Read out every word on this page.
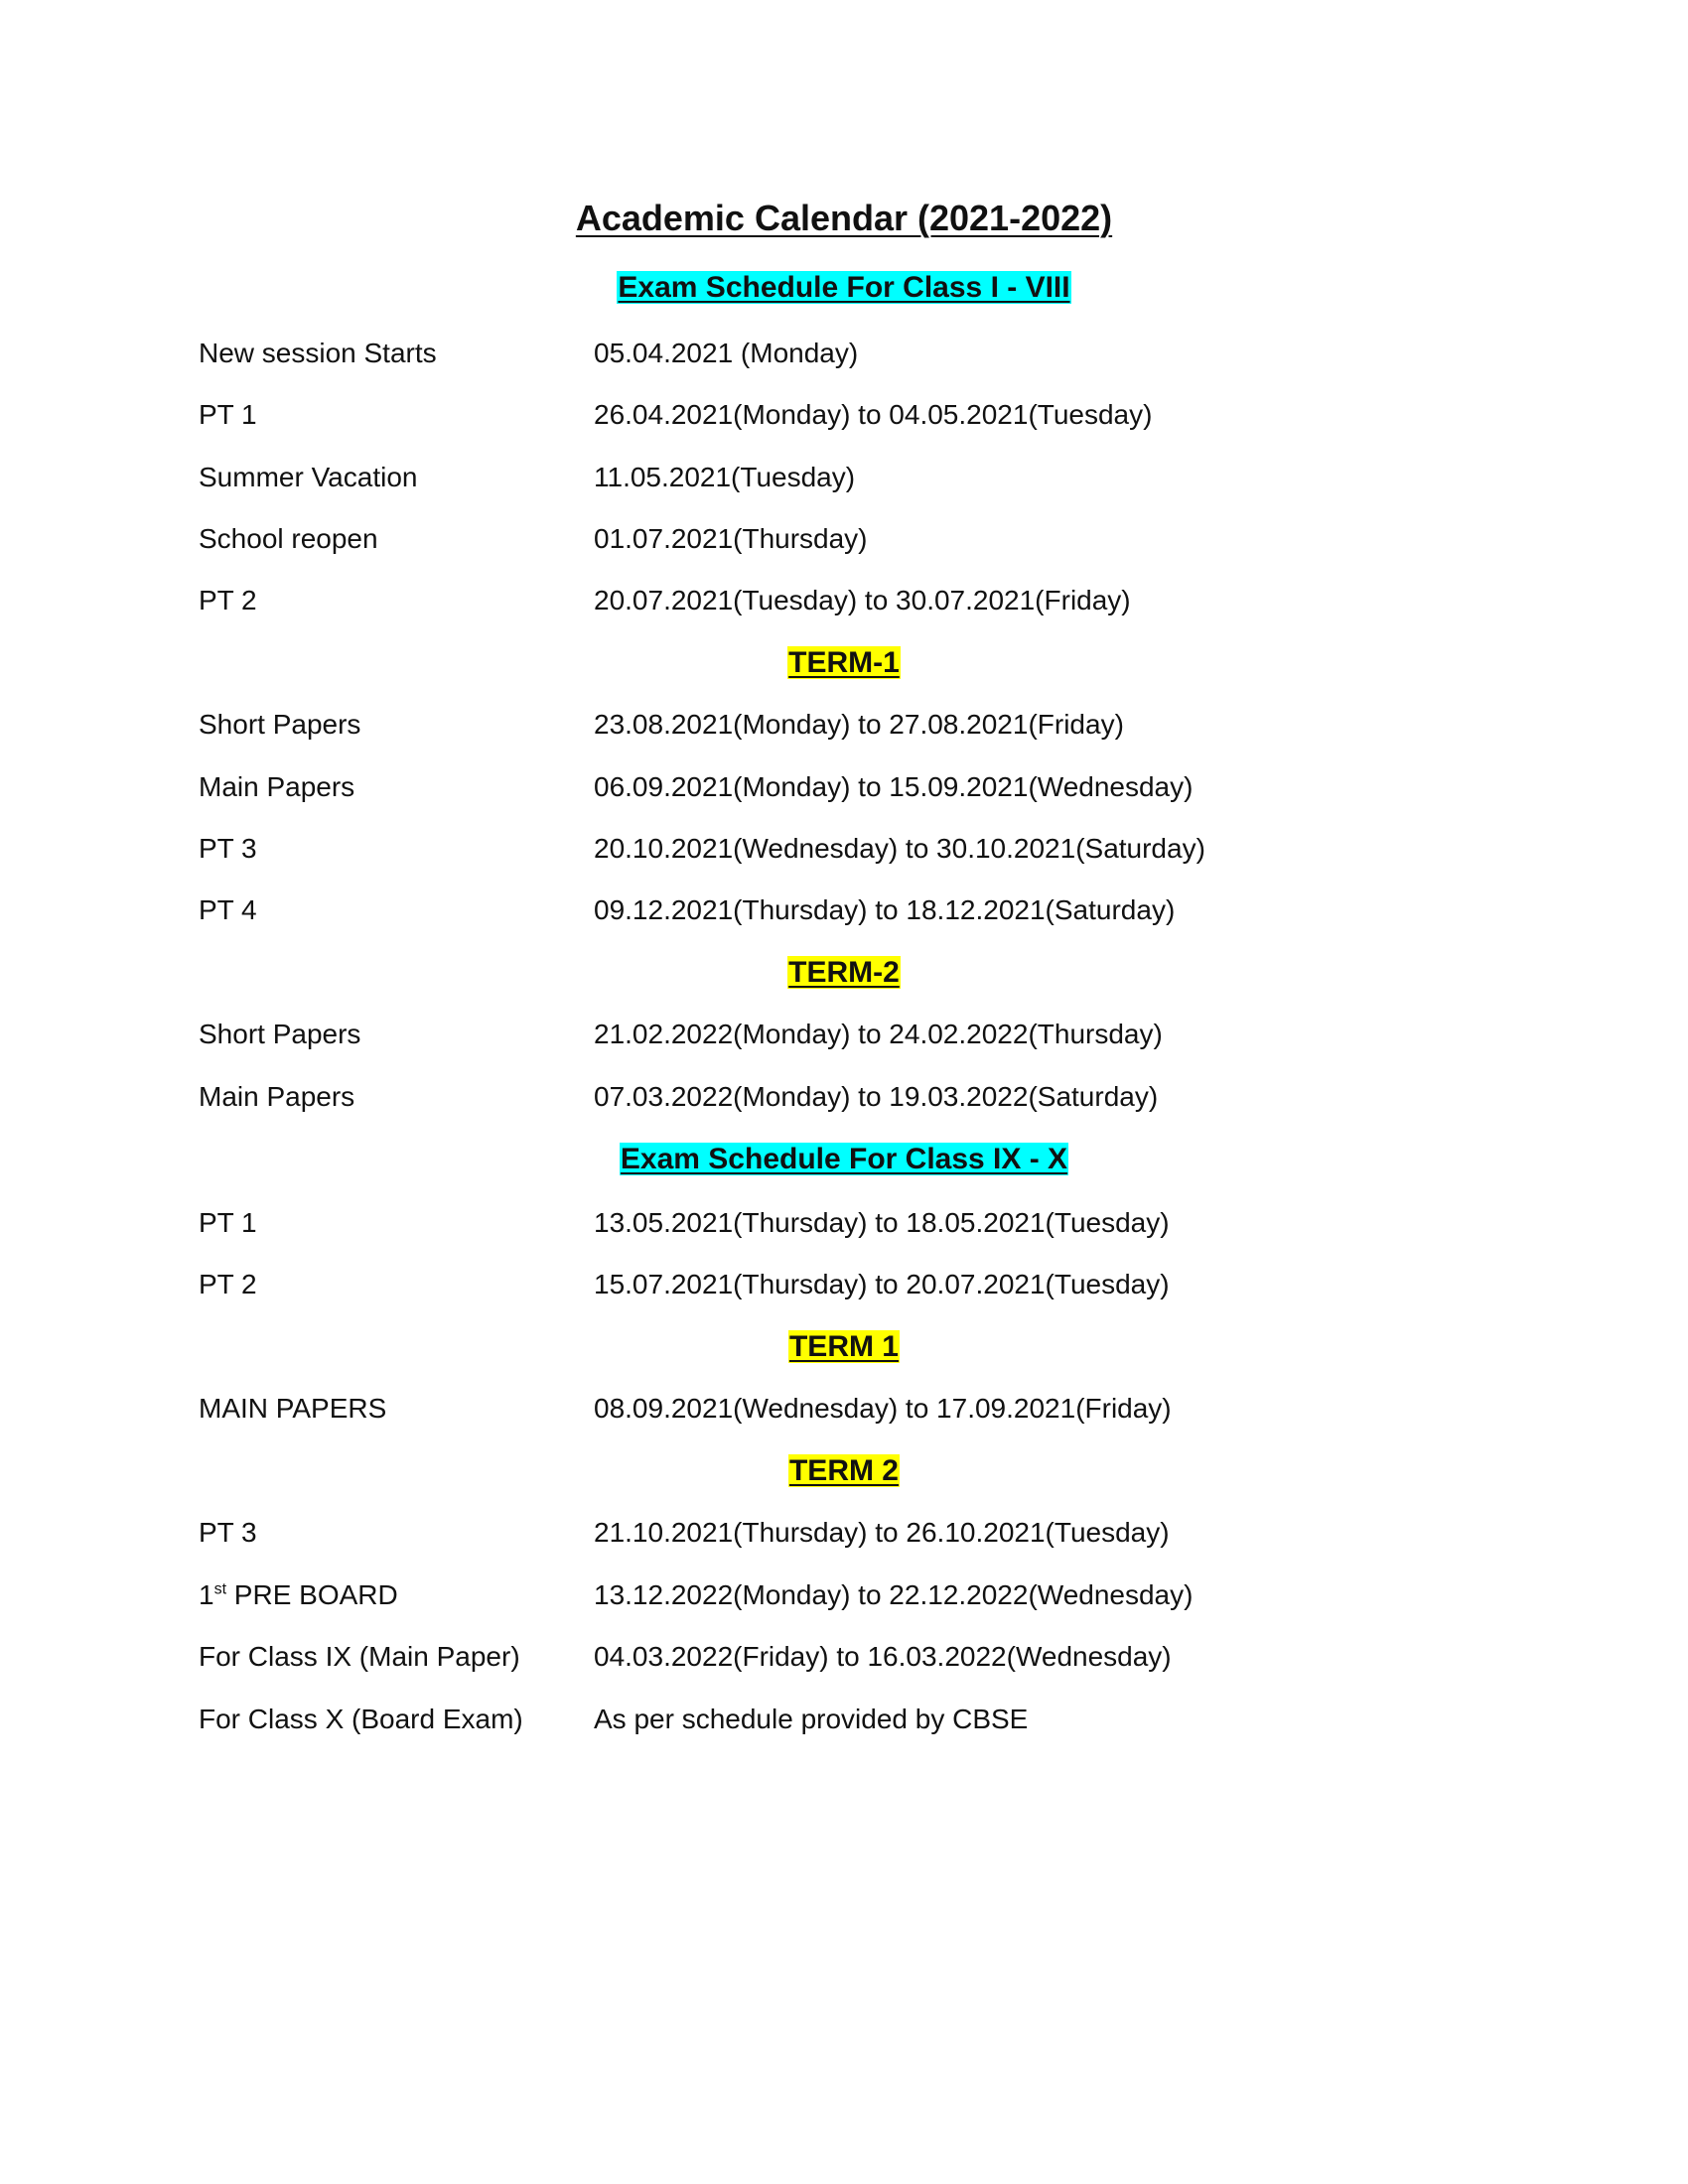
Academic Calendar (2021-2022)
Exam Schedule For Class I - VIII
New session Starts	05.04.2021 (Monday)
PT 1	26.04.2021(Monday) to 04.05.2021(Tuesday)
Summer Vacation	11.05.2021(Tuesday)
School reopen	01.07.2021(Thursday)
PT 2	20.07.2021(Tuesday) to 30.07.2021(Friday)
TERM-1
Short Papers	23.08.2021(Monday) to 27.08.2021(Friday)
Main Papers	06.09.2021(Monday) to 15.09.2021(Wednesday)
PT 3	20.10.2021(Wednesday) to 30.10.2021(Saturday)
PT 4	09.12.2021(Thursday) to 18.12.2021(Saturday)
TERM-2
Short Papers	21.02.2022(Monday) to 24.02.2022(Thursday)
Main Papers	07.03.2022(Monday) to 19.03.2022(Saturday)
Exam Schedule For Class IX - X
PT 1	13.05.2021(Thursday) to 18.05.2021(Tuesday)
PT 2	15.07.2021(Thursday) to 20.07.2021(Tuesday)
TERM 1
MAIN PAPERS	08.09.2021(Wednesday) to 17.09.2021(Friday)
TERM 2
PT 3	21.10.2021(Thursday) to 26.10.2021(Tuesday)
1st PRE BOARD	13.12.2022(Monday) to 22.12.2022(Wednesday)
For Class IX (Main Paper)	04.03.2022(Friday) to 16.03.2022(Wednesday)
For Class X (Board Exam)	As per schedule provided by CBSE
